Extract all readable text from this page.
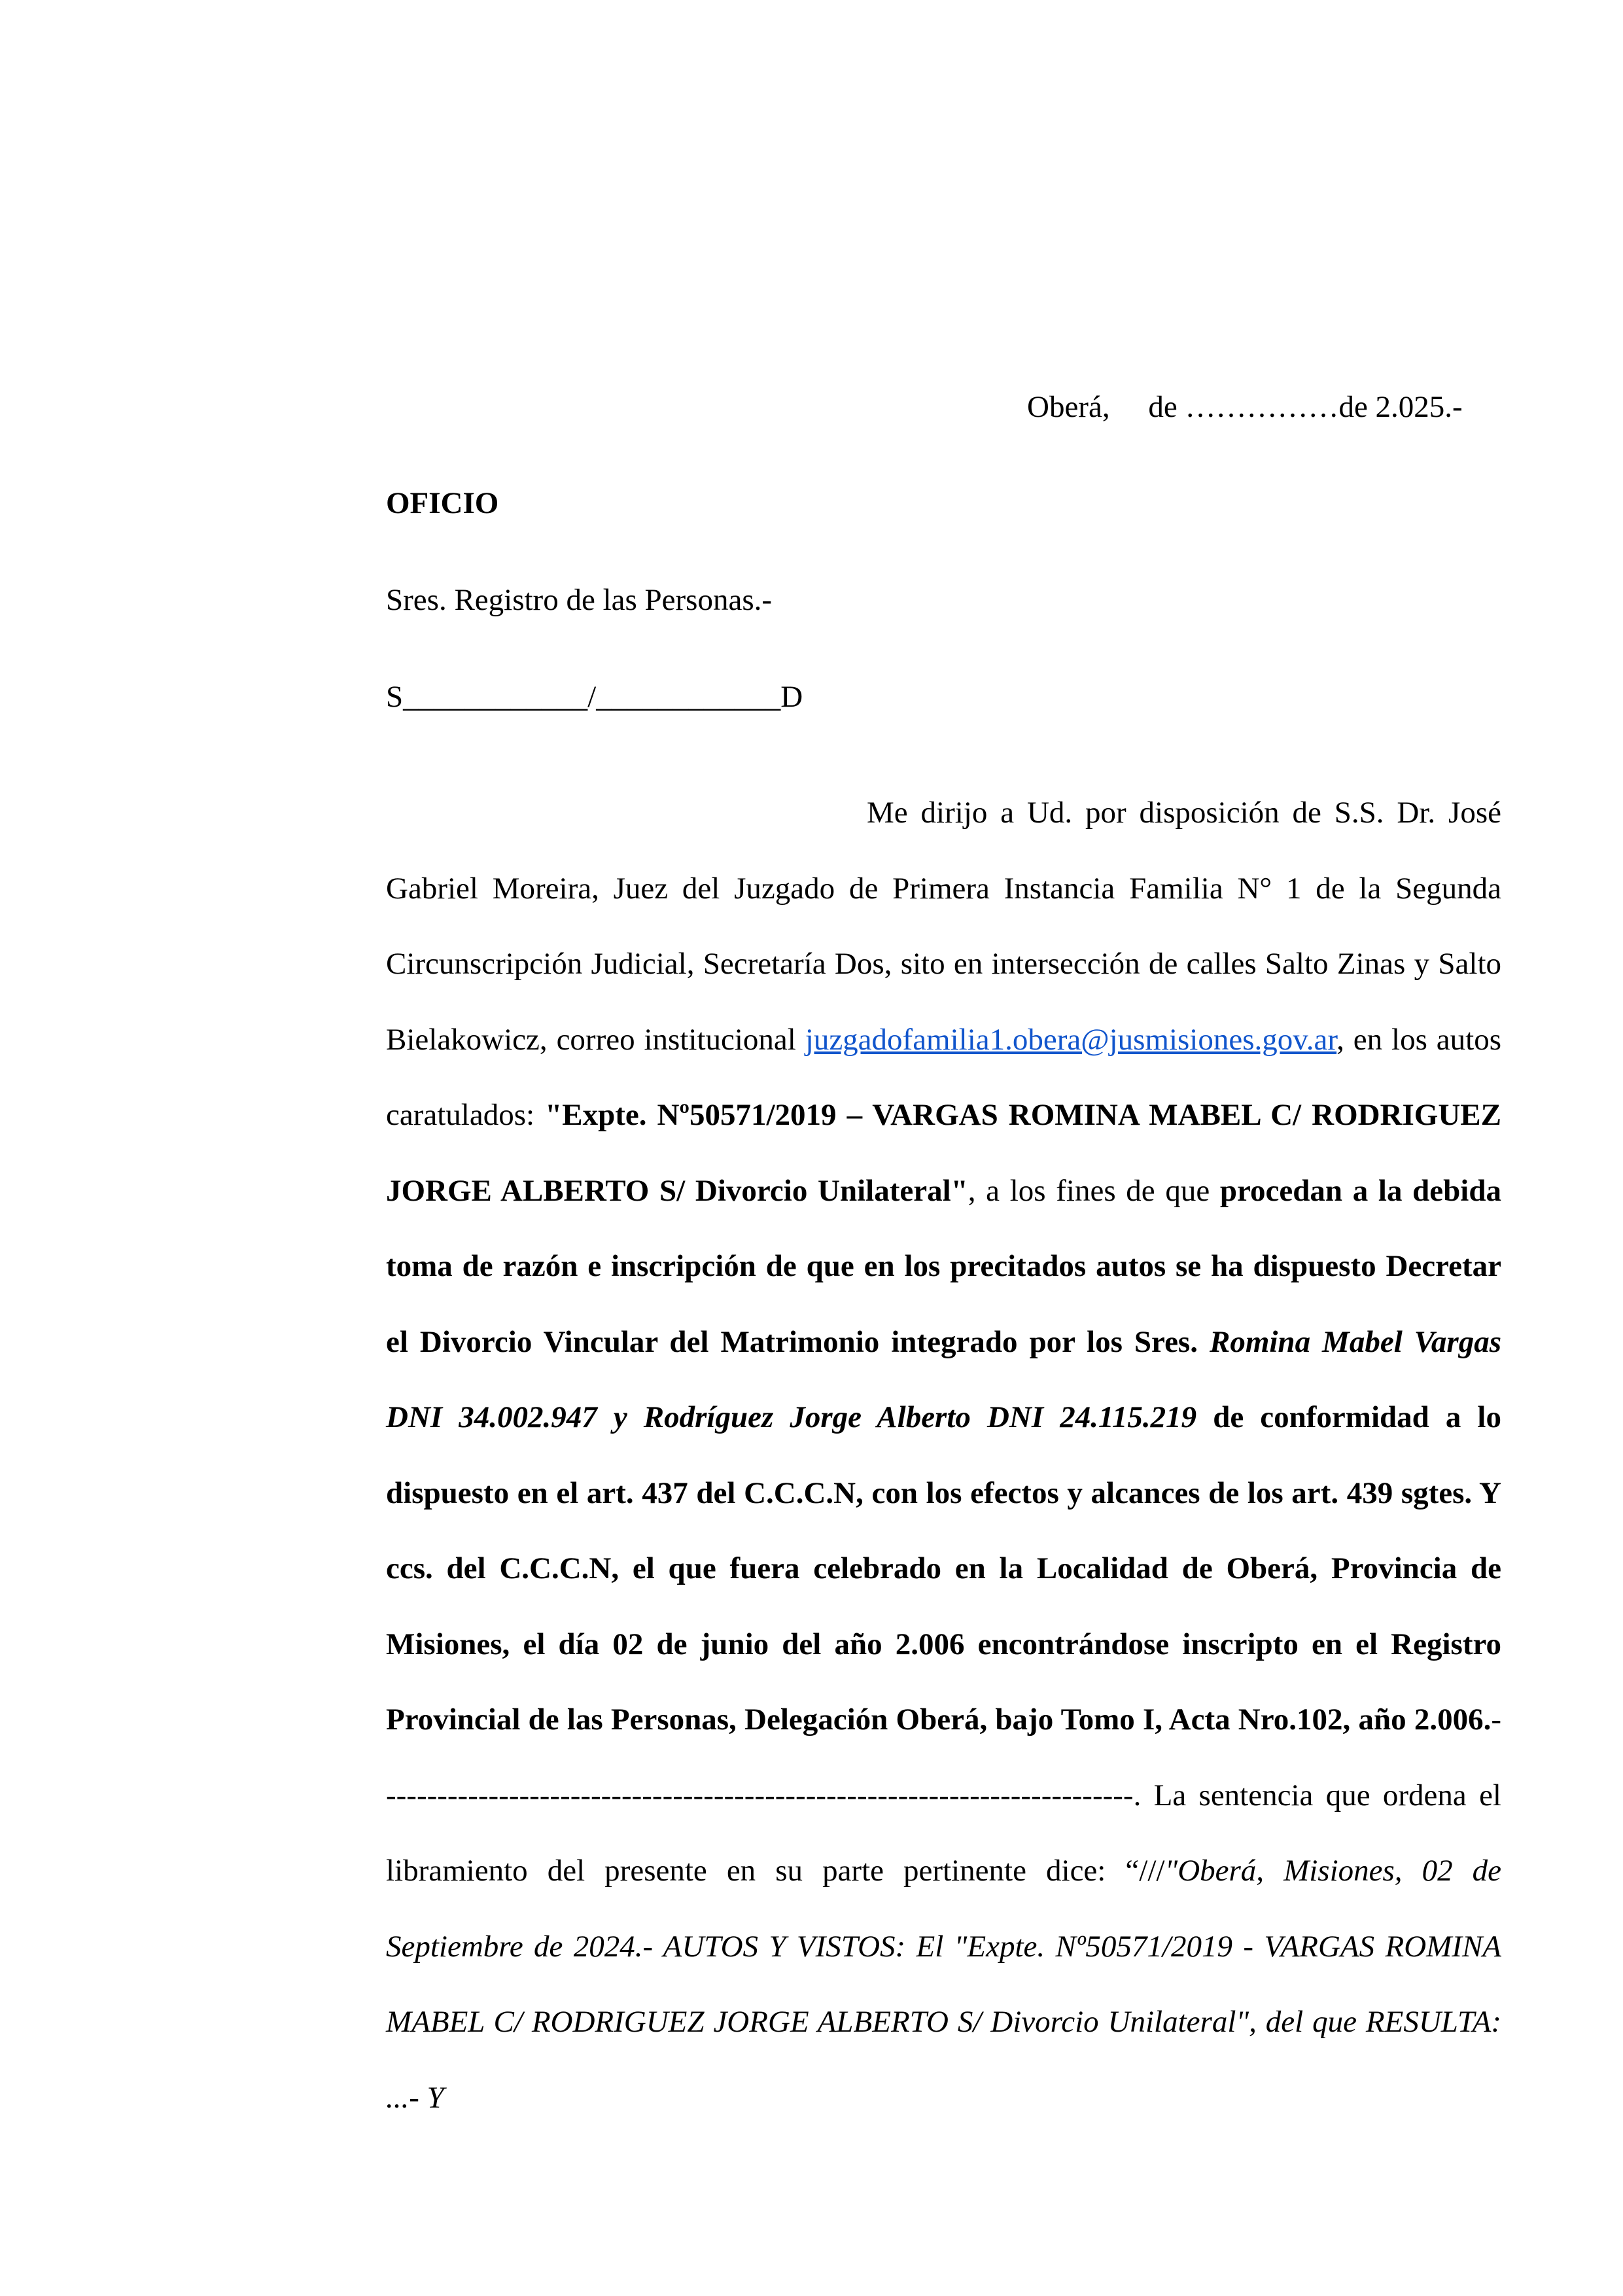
Oberá, de ……………de 2.025.-
OFICIO
Sres. Registro de las Personas.-
S____________/____________D

Me dirijo a Ud. por disposición de S.S. Dr. José Gabriel Moreira, Juez del Juzgado de Primera Instancia Familia N° 1 de la Segunda Circunscripción Judicial, Secretaría Dos, sito en intersección de calles Salto Zinas y Salto Bielakowicz, correo institucional juzgadofamilia1.obera@jusmisiones.gov.ar, en los autos caratulados: "Expte. Nº50571/2019 – VARGAS ROMINA MABEL C/ RODRIGUEZ JORGE ALBERTO S/ Divorcio Unilateral", a los fines de que procedan a la debida toma de razón e inscripción de que en los precitados autos se ha dispuesto Decretar el Divorcio Vincular del Matrimonio integrado por los Sres. Romina Mabel Vargas DNI 34.002.947 y Rodríguez Jorge Alberto DNI 24.115.219 de conformidad a lo dispuesto en el art. 437 del C.C.C.N, con los efectos y alcances de los art. 439 sgtes. Y ccs. del C.C.C.N, el que fuera celebrado en la Localidad de Oberá, Provincia de Misiones, el día 02 de junio del año 2.006 encontrándose inscripto en el Registro Provincial de las Personas, Delegación Oberá, bajo Tomo I, Acta Nro.102, año 2.006.--------------------------------------------------------------------------. La sentencia que ordena el libramiento del presente en su parte pertinente dice: “///"Oberá, Misiones, 02 de Septiembre de 2024.- AUTOS Y VISTOS: El "Expte. Nº50571/2019 - VARGAS ROMINA MABEL C/ RODRIGUEZ JORGE ALBERTO S/ Divorcio Unilateral", del que RESULTA: ...- Y
